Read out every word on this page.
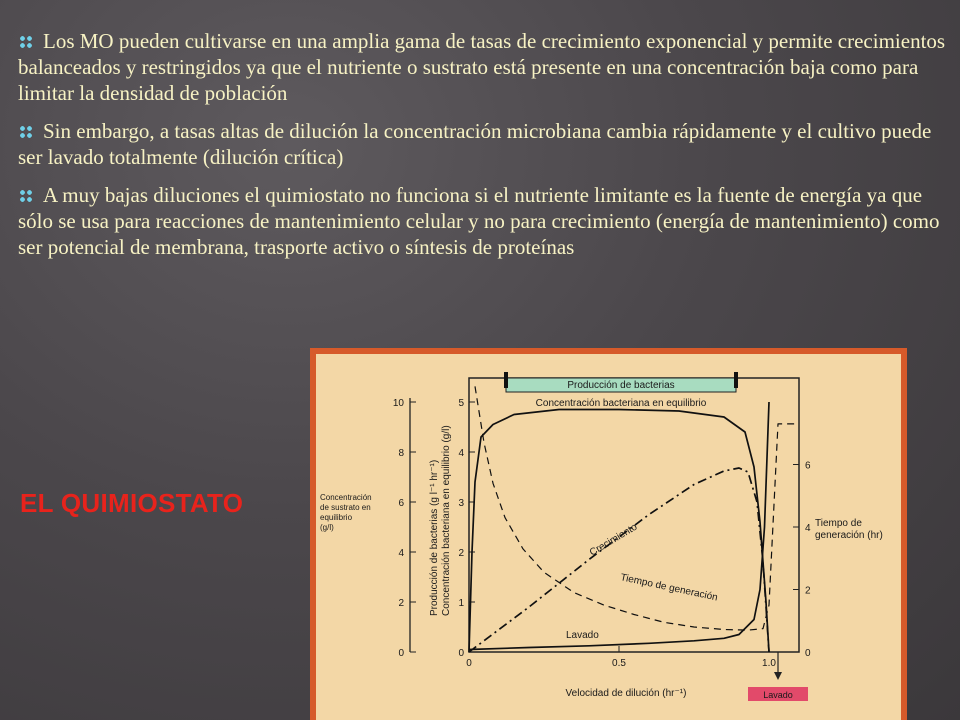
Los MO pueden cultivarse en una amplia gama de tasas de crecimiento exponencial y permite crecimientos balanceados y restringidos ya que el nutriente o sustrato está presente en una concentración baja como para limitar la densidad de población

Sin embargo, a tasas altas de dilución la concentración microbiana cambia rápidamente y el cultivo puede ser lavado totalmente (dilución crítica)

A muy bajas diluciones el quimiostato no funciona si el nutriente limitante es la fuente de energía ya que sólo se usa para reacciones de mantenimiento celular y no para crecimiento (energía de mantenimiento) como ser potencial de membrana, trasporte activo o síntesis de proteínas

EL QUIMIOSTATO
Producción de bacterias
Concentración bacteriana en equilibrio
Concentración de sustrato en equilibrio (g/l)	Producción de bacterias (g l⁻¹ hr⁻¹) Concentración bacteriana en equilibrio (g/l)	Tiempo de generación (hr)
Velocidad de dilución (hr⁻¹)
Crecimiento
Tiempo de generación
Lavado
Lavado
0
2
4
6
8
10
0
1
2
3
4
5
0
2
4
6
0	0.5	1.0
